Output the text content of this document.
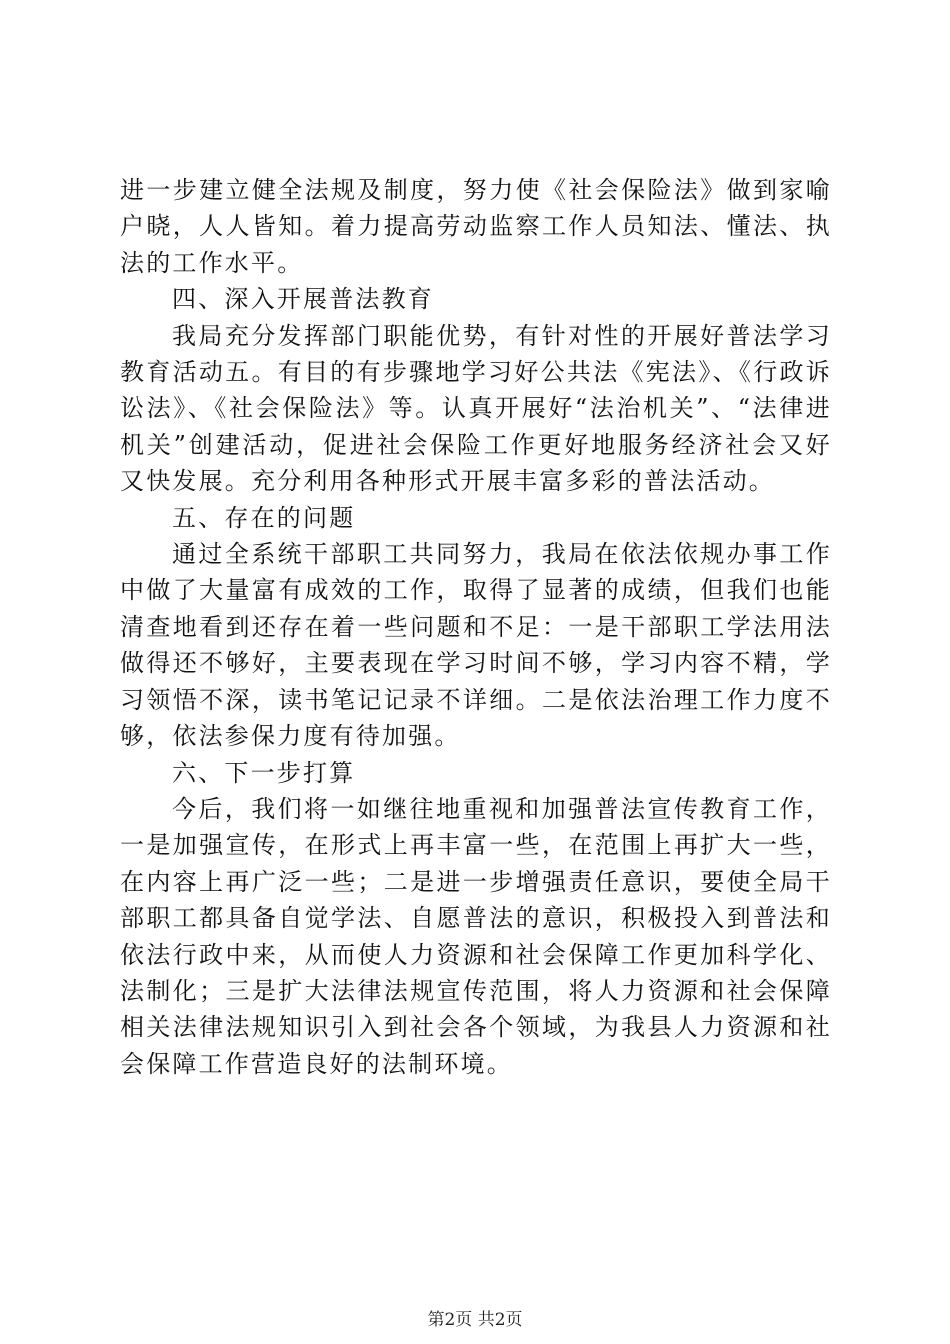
进一步建立健全法规及制度，努力使《社会保险法》做到家喻户晓，人人皆知。着力提高劳动监察工作人员知法、懂法、执法的工作水平。

四、深入开展普法教育

我局充分发挥部门职能优势，有针对性的开展好普法学习教育活动五。有目的有步骤地学习好公共法《宪法》、《行政诉讼法》、《社会保险法》等。认真开展好“法治机关”、“法律进机关”创建活动，促进社会保险工作更好地服务经济社会又好又快发展。充分利用各种形式开展丰富多彩的普法活动。

五、存在的问题

通过全系统干部职工共同努力，我局在依法依规办事工作中做了大量富有成效的工作，取得了显著的成绩，但我们也能清查地看到还存在着一些问题和不足：一是干部职工学法用法做得还不够好，主要表现在学习时间不够，学习内容不精，学习领悟不深，读书笔记记录不详细。二是依法治理工作力度不够，依法参保力度有待加强。

六、下一步打算

今后，我们将一如继往地重视和加强普法宣传教育工作，一是加强宣传，在形式上再丰富一些，在范围上再扩大一些，在内容上再广泛一些；二是进一步增强责任意识，要使全局干部职工都具备自觉学法、自愿普法的意识，积极投入到普法和依法行政中来，从而使人力资源和社会保障工作更加科学化、法制化；三是扩大法律法规宣传范围，将人力资源和社会保障相关法律法规知识引入到社会各个领域，为我县人力资源和社会保障工作营造良好的法制环境。

第2页 共2页
